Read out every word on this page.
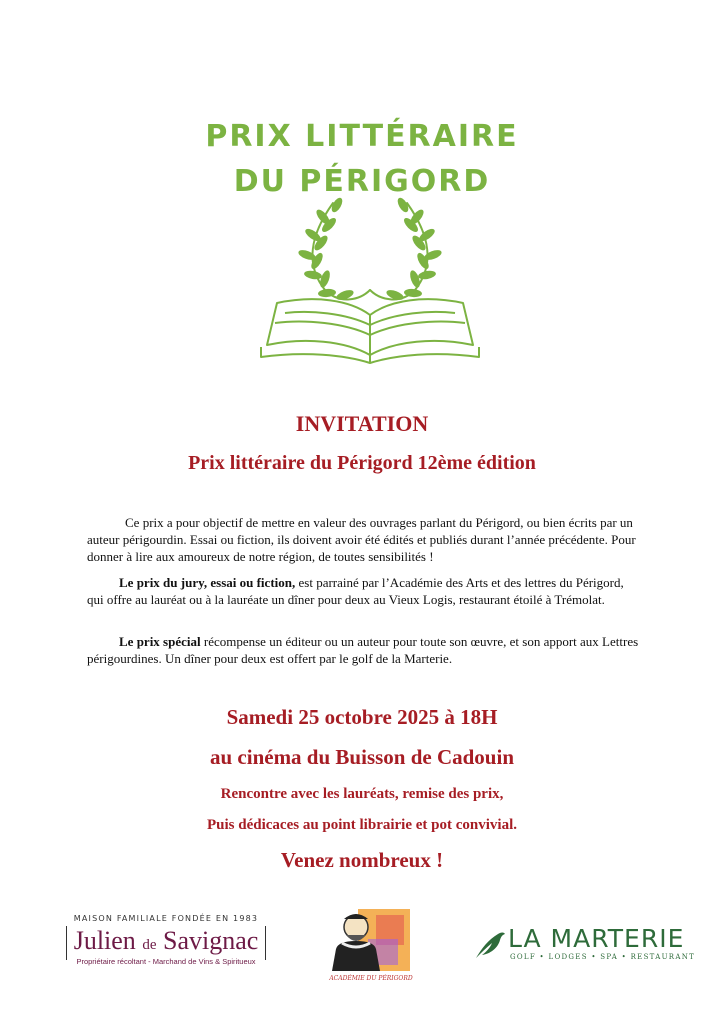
PRIX LITTÉRAIRE
DU PÉRIGORD
INVITATION
Prix littéraire du Périgord 12ème édition

Ce prix a pour objectif de mettre en valeur des ouvrages parlant du Périgord, ou bien écrits par un auteur périgourdin. Essai ou fiction, ils doivent avoir été édités et publiés durant l’année précédente. Pour donner à lire aux amoureux de notre région, de toutes sensibilités !

Le prix du jury, essai ou fiction, est parrainé par l’Académie des Arts et des lettres du Périgord, qui offre au lauréat ou à la lauréate un dîner pour deux au Vieux Logis, restaurant étoilé à Trémolat.

Le prix spécial récompense un éditeur ou un auteur pour toute son œuvre, et son apport aux Lettres périgourdines. Un dîner pour deux est offert par le golf de la Marterie.

Samedi 25 octobre 2025 à 18H
au cinéma du Buisson de Cadouin
Rencontre avec les lauréats, remise des prix,
Puis dédicaces au point librairie et pot convivial.
Venez nombreux !
MAISON FAMILIALE FONDÉE EN 1983
Julien de Savignac
Propriétaire récoltant - Marchand de Vins & Spiritueux
ACADÉMIE DU PÉRIGORD
LA MARTERIE
GOLF • LODGES • SPA • RESTAURANT
